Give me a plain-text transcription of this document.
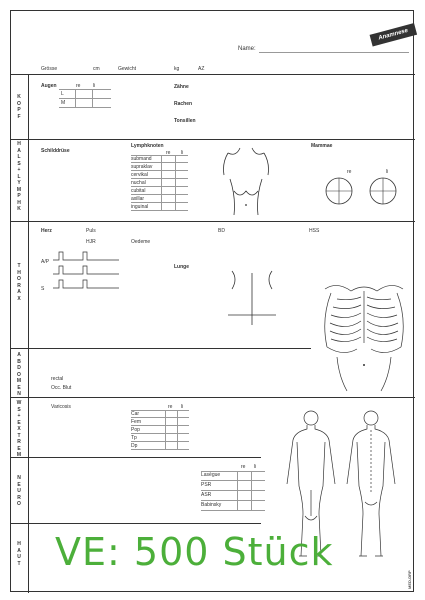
Anamnese
Name:
Grösse	cm	Gewicht	kg	AZ
K
O
P
F
Augen	re	li
L
M
Zähne
Rachen
Tonsillen
H
A
L
S
+
L
Y
M
P
H
K
Schilddrüse
Lymphknoten
re li
submand
supraklav
cervikal
nuchal
cubital
axillar
inguinal
Mammae
re	li
T
H
O
R
A
X
Herz	Puls	BD	HSS
HJR	Oedeme
A/P
S
Lunge
A
B
D
O
M
E
N
rectal
Occ. Blut
W
S
+
E
X
T
R
E
M
Varicosis	re li
Car
Fem
Pop
Tp
Dp
N
E
U
R
O
re li
Lasègue
PSR
ASR
Babinsky
H
A
U
T
MED-DRP
VE: 500 Stück
